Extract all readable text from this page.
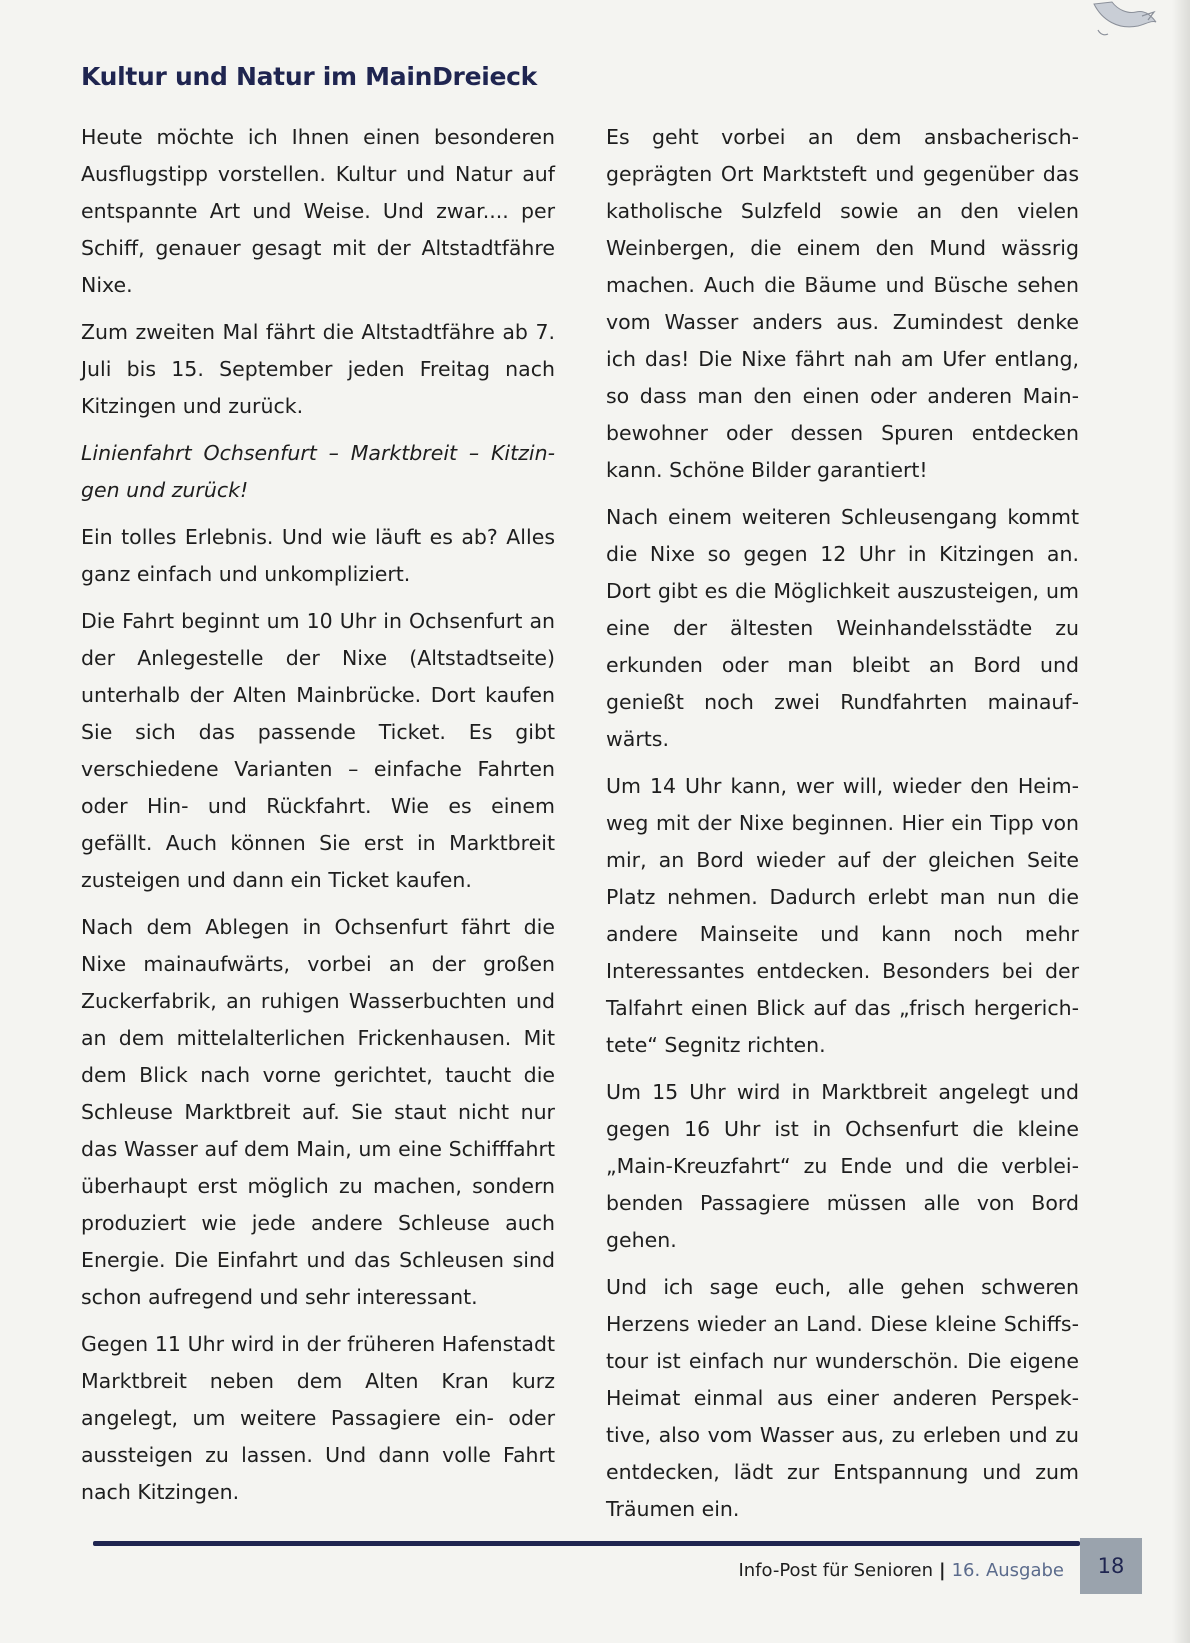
Kultur und Natur im MainDreieck

Heute möchte ich Ihnen einen besonderen Ausflugstipp vorstellen. Kultur und Natur auf entspannte Art und Weise. Und zwar.... per Schiff, genauer gesagt mit der Altstadtfähre Nixe.

Zum zweiten Mal fährt die Altstadtfähre ab 7. Juli bis 15. September jeden Freitag nach Kitzingen und zurück.

Linienfahrt Ochsenfurt – Marktbreit – Kitzingen und zurück!

Ein tolles Erlebnis. Und wie läuft es ab? Alles ganz einfach und unkompliziert.

Die Fahrt beginnt um 10 Uhr in Ochsenfurt an der Anlegestelle der Nixe (Altstadtseite) unterhalb der Alten Mainbrücke. Dort kaufen Sie sich das passende Ticket. Es gibt verschiedene Varianten – einfache Fahrten oder Hin- und Rückfahrt. Wie es einem gefällt. Auch können Sie erst in Marktbreit zusteigen und dann ein Ticket kaufen.

Nach dem Ablegen in Ochsenfurt fährt die Nixe mainaufwärts, vorbei an der großen Zuckerfabrik, an ruhigen Wasserbuchten und an dem mittelalterlichen Frickenhausen. Mit dem Blick nach vorne gerichtet, taucht die Schleuse Marktbreit auf. Sie staut nicht nur das Wasser auf dem Main, um eine Schifffahrt überhaupt erst möglich zu machen, sondern produziert wie jede andere Schleuse auch Energie. Die Einfahrt und das Schleusen sind schon aufregend und sehr interessant.

Gegen 11 Uhr wird in der früheren Hafenstadt Marktbreit neben dem Alten Kran kurz angelegt, um weitere Passagiere ein- oder aussteigen zu lassen. Und dann volle Fahrt nach Kitzingen.

Es geht vorbei an dem ansbacherisch-geprägten Ort Marktsteft und gegenüber das katholische Sulzfeld sowie an den vielen Weinbergen, die einem den Mund wässrig machen. Auch die Bäume und Büsche sehen vom Wasser anders aus. Zumindest denke ich das! Die Nixe fährt nah am Ufer entlang, so dass man den einen oder anderen Mainbewohner oder dessen Spuren entdecken kann. Schöne Bilder garantiert!

Nach einem weiteren Schleusengang kommt die Nixe so gegen 12 Uhr in Kitzingen an. Dort gibt es die Möglichkeit auszusteigen, um eine der ältesten Weinhandelsstädte zu erkunden oder man bleibt an Bord und genießt noch zwei Rundfahrten mainaufwärts.

Um 14 Uhr kann, wer will, wieder den Heimweg mit der Nixe beginnen. Hier ein Tipp von mir, an Bord wieder auf der gleichen Seite Platz nehmen. Dadurch erlebt man nun die andere Mainseite und kann noch mehr Interessantes entdecken. Besonders bei der Talfahrt einen Blick auf das „frisch hergerichtete“ Segnitz richten.

Um 15 Uhr wird in Marktbreit angelegt und gegen 16 Uhr ist in Ochsenfurt die kleine „Main-Kreuzfahrt“ zu Ende und die verbleibenden Passagiere müssen alle von Bord gehen.

Und ich sage euch, alle gehen schweren Herzens wieder an Land. Diese kleine Schiffstour ist einfach nur wunderschön. Die eigene Heimat einmal aus einer anderen Perspektive, also vom Wasser aus, zu erleben und zu entdecken, lädt zur Entspannung und zum Träumen ein.

Info-Post für Senioren | 16. Ausgabe	18
